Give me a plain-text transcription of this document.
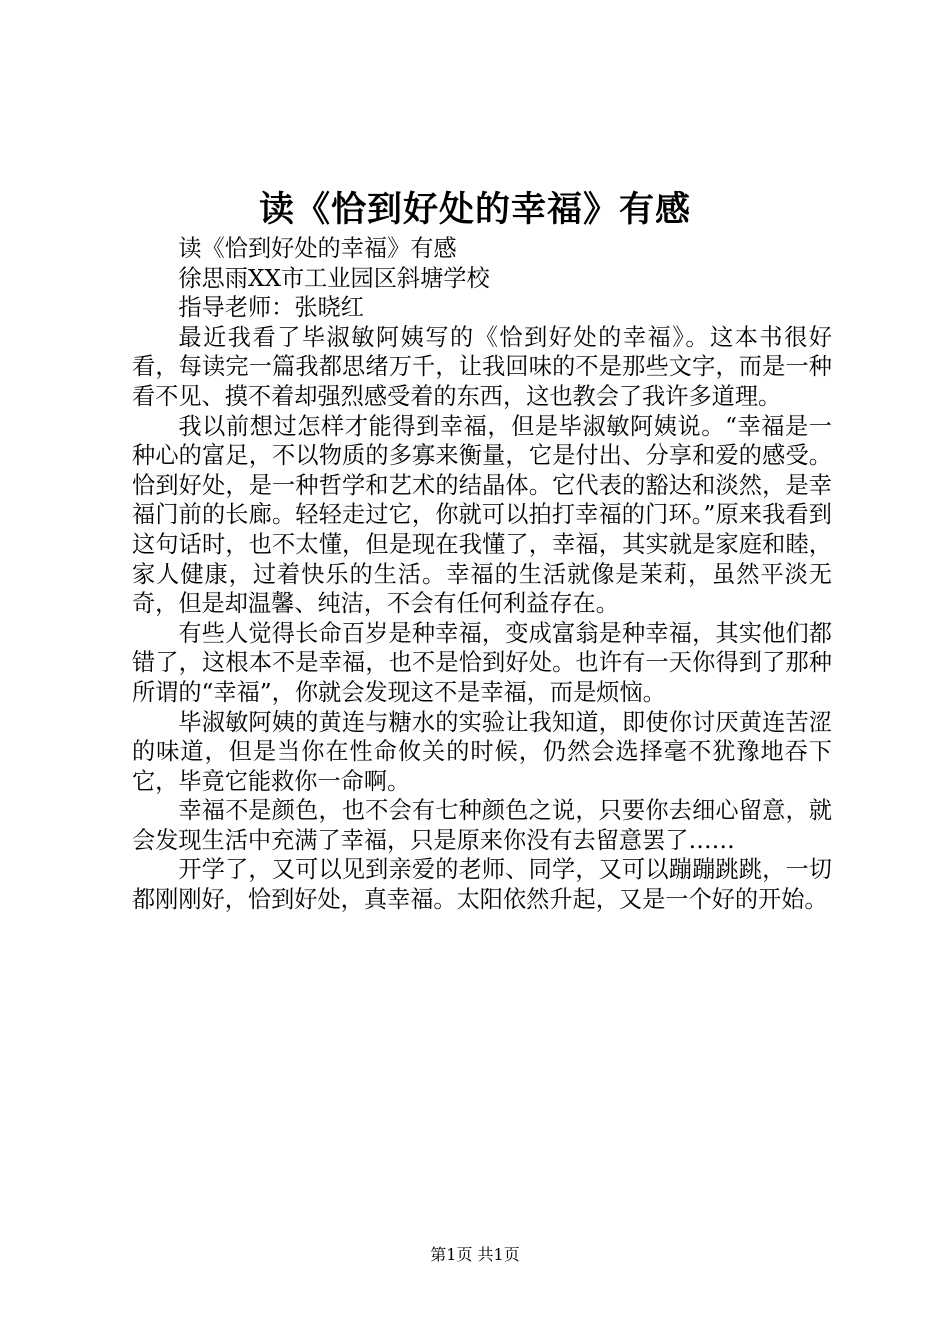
读《恰到好处的幸福》有感

读《恰到好处的幸福》有感

徐思雨XX市工业园区斜塘学校

指导老师：张晓红

最近我看了毕淑敏阿姨写的《恰到好处的幸福》。这本书很好看，每读完一篇我都思绪万千，让我回味的不是那些文字，而是一种看不见、摸不着却强烈感受着的东西，这也教会了我许多道理。

我以前想过怎样才能得到幸福，但是毕淑敏阿姨说。“幸福是一种心的富足，不以物质的多寡来衡量，它是付出、分享和爱的感受。恰到好处，是一种哲学和艺术的结晶体。它代表的豁达和淡然，是幸福门前的长廊。轻轻走过它，你就可以拍打幸福的门环。”原来我看到这句话时，也不太懂，但是现在我懂了，幸福，其实就是家庭和睦，家人健康，过着快乐的生活。幸福的生活就像是茉莉，虽然平淡无奇，但是却温馨、纯洁，不会有任何利益存在。

有些人觉得长命百岁是种幸福，变成富翁是种幸福，其实他们都错了，这根本不是幸福，也不是恰到好处。也许有一天你得到了那种所谓的“幸福”，你就会发现这不是幸福，而是烦恼。

毕淑敏阿姨的黄连与糖水的实验让我知道，即使你讨厌黄连苦涩的味道，但是当你在性命攸关的时候，仍然会选择毫不犹豫地吞下它，毕竟它能救你一命啊。

幸福不是颜色，也不会有七种颜色之说，只要你去细心留意，就会发现生活中充满了幸福，只是原来你没有去留意罢了……

开学了，又可以见到亲爱的老师、同学，又可以蹦蹦跳跳，一切都刚刚好，恰到好处，真幸福。太阳依然升起，又是一个好的开始。

第1页 共1页
